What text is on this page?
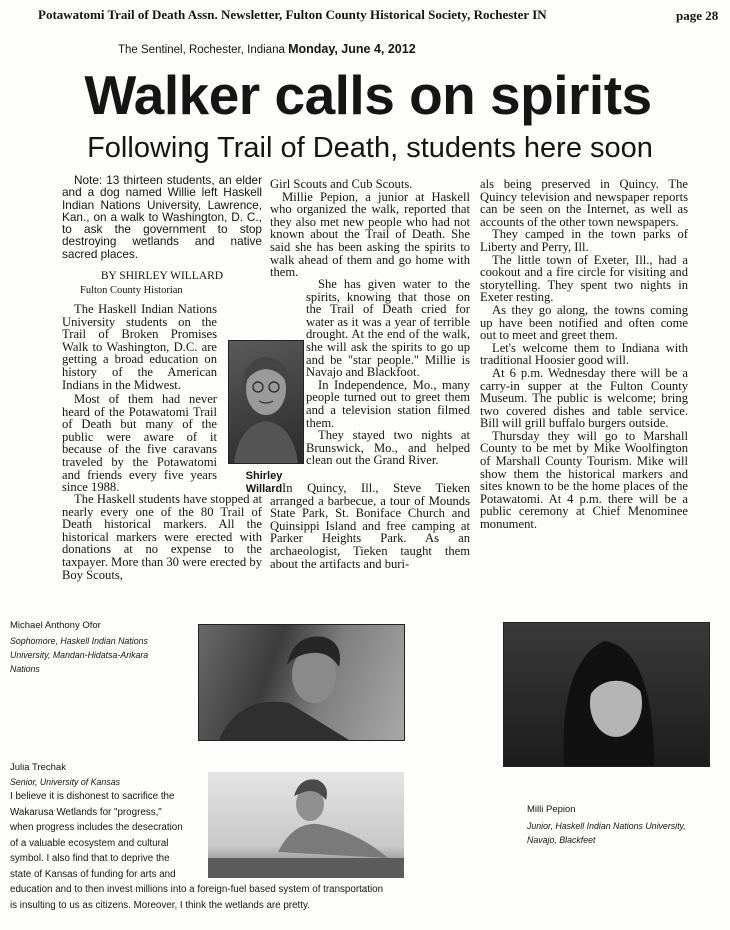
Potawatomi Trail of Death Assn. Newsletter, Fulton County Historical Society, Rochester IN	page 28
The Sentinel, Rochester, Indiana Monday, June 4, 2012
Walker calls on spirits
Following Trail of Death, students here soon

Note: 13 thirteen students, an elder and a dog named Willie left Haskell Indian Nations University, Lawrence, Kan., on a walk to Washington, D. C., to ask the government to stop destroying wetlands and native sacred places.

BY SHIRLEY WILLARD
Fulton County Historian

The Haskell Indian Nations University students on the Trail of Broken Promises Walk to Washington, D.C. are getting a broad education on history of the American Indians in the Midwest.

Most of them had never heard of the Potawatomi Trail of Death but many of the public were aware of it because of the five caravans traveled by the Potawatomi and friends every five years since 1988.

The Haskell students have stopped at nearly every one of the 80 Trail of Death historical markers. All the historical markers were erected with donations at no expense to the taxpayer. More than 30 were erected by Boy Scouts,

Shirley Willard

Girl Scouts and Cub Scouts.

Millie Pepion, a junior at Haskell who organized the walk, reported that they also met new people who had not known about the Trail of Death. She said she has been asking the spirits to walk ahead of them and go home with them.

She has given water to the spirits, knowing that those on the Trail of Death cried for water as it was a year of terrible drought. At the end of the walk, she will ask the spirits to go up and be "star people." Millie is Navajo and Blackfoot.

In Independence, Mo., many people turned out to greet them and a television station filmed them.

They stayed two nights at Brunswick, Mo., and helped clean out the Grand River.

In Quincy, Ill., Steve Tieken arranged a barbecue, a tour of Mounds State Park, St. Boniface Church and Quinsippi Island and free camping at Parker Heights Park. As an archaeologist, Tieken taught them about the artifacts and buri-

als being preserved in Quincy. The Quincy television and newspaper reports can be seen on the Internet, as well as accounts of the other town newspapers.

They camped in the town parks of Liberty and Perry, Ill.

The little town of Exeter, Ill., had a cookout and a fire circle for visiting and storytelling. They spent two nights in Exeter resting.

As they go along, the towns coming up have been notified and often come out to meet and greet them.

Let's welcome them to Indiana with traditional Hoosier good will.

At 6 p.m. Wednesday there will be a carry-in supper at the Fulton County Museum. The public is welcome; bring two covered dishes and table service. Bill will grill buffalo burgers outside.

Thursday they will go to Marshall County to be met by Mike Woolfington of Marshall County Tourism. Mike will show them the historical markers and sites known to be the home places of the Potawatomi. At 4 p.m. there will be a public ceremony at Chief Menominee monument.

Michael Anthony Ofor
Sophomore, Haskell Indian Nations
University, Mandan-Hidatsa-Arikara
Nations
Julia Trechak
Senior, University of Kansas
I believe it is dishonest to sacrifice the
Wakarusa Wetlands for "progress,"
when progress includes the desecration
of a valuable ecosystem and cultural
symbol. I also find that to deprive the
state of Kansas of funding for arts and
education and to then invest millions into a foreign-fuel based system of transportation
is insulting to us as citizens. Moreover, I think the wetlands are pretty.
Milli Pepion
Junior, Haskell Indian Nations University,
Navajo, Blackfeet
